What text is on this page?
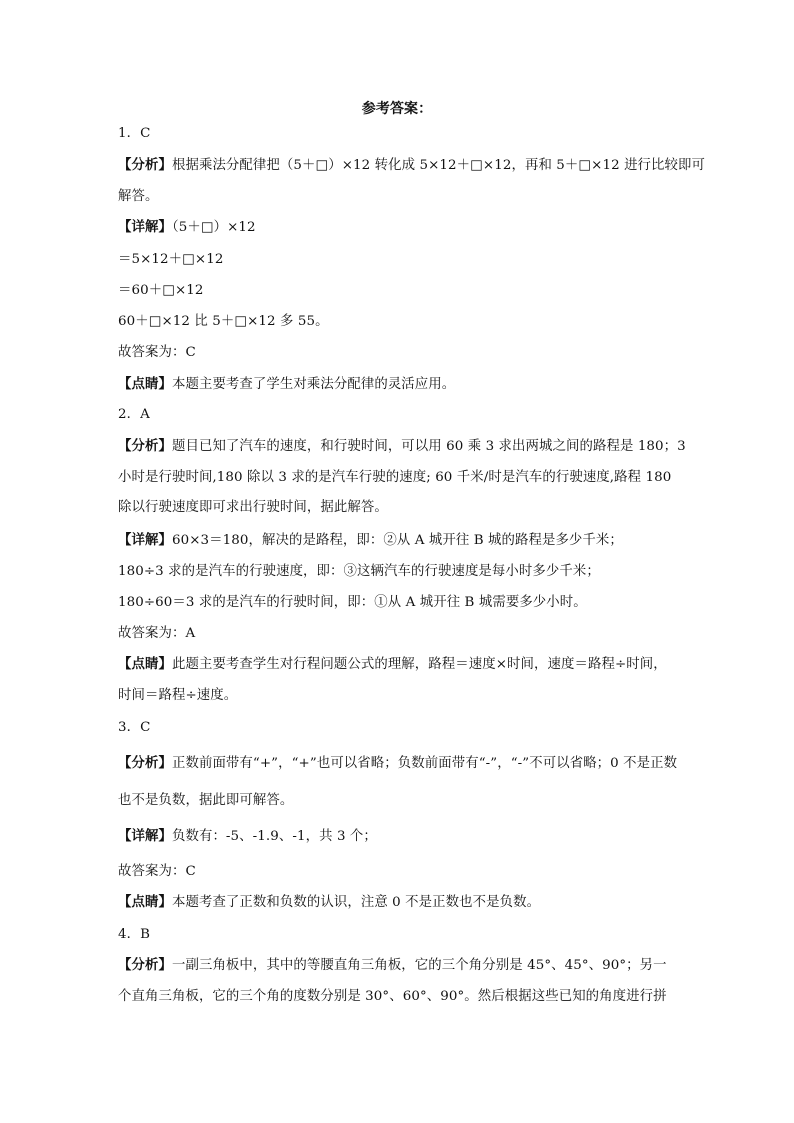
参考答案：
1．C
【分析】根据乘法分配律把（5＋□）×12 转化成 5×12＋□×12，再和 5＋□×12 进行比较即可
解答。
【详解】（5＋□）×12
＝5×12＋□×12
＝60＋□×12
60＋□×12 比 5＋□×12 多 55。
故答案为：C
【点睛】本题主要考查了学生对乘法分配律的灵活应用。
2．A
【分析】题目已知了汽车的速度，和行驶时间，可以用 60 乘 3 求出两城之间的路程是 180；3
小时是行驶时间,180 除以 3 求的是汽车行驶的速度; 60 千米/时是汽车的行驶速度,路程 180
除以行驶速度即可求出行驶时间，据此解答。
【详解】60×3＝180，解决的是路程，即：②从 A 城开往 B 城的路程是多少千米；
180÷3 求的是汽车的行驶速度，即：③这辆汽车的行驶速度是每小时多少千米；
180÷60＝3 求的是汽车的行驶时间，即：①从 A 城开往 B 城需要多少小时。
故答案为：A
【点睛】此题主要考查学生对行程问题公式的理解，路程＝速度×时间，速度＝路程÷时间，
时间＝路程÷速度。
3．C
【分析】正数前面带有“+”，“+”也可以省略；负数前面带有“-”，“-”不可以省略；0 不是正数
也不是负数，据此即可解答。
【详解】负数有：-5、-1.9、-1，共 3 个；
故答案为：C
【点睛】本题考查了正数和负数的认识，注意 0 不是正数也不是负数。
4．B
【分析】一副三角板中，其中的等腰直角三角板，它的三个角分别是 45°、45°、90°；另一
个直角三角板，它的三个角的度数分别是 30°、60°、90°。然后根据这些已知的角度进行拼
